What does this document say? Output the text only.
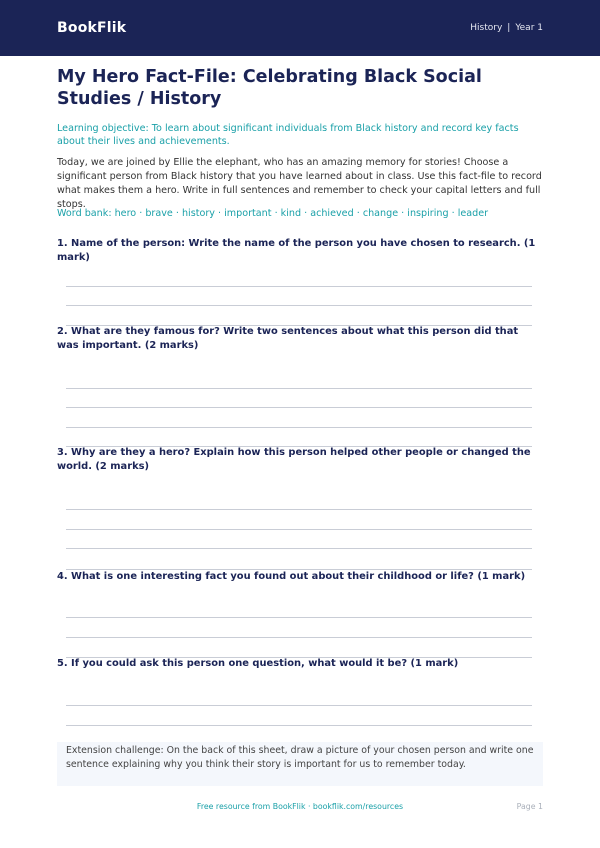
BookFlik	History | Year 1
My Hero Fact-File: Celebrating Black Social Studies / History
Learning objective: To learn about significant individuals from Black history and record key facts about their lives and achievements.
Today, we are joined by Ellie the elephant, who has an amazing memory for stories! Choose a significant person from Black history that you have learned about in class. Use this fact-file to record what makes them a hero. Write in full sentences and remember to check your capital letters and full stops.
Word bank: hero · brave · history · important · kind · achieved · change · inspiring · leader
1. Name of the person: Write the name of the person you have chosen to research. (1 mark)
2. What are they famous for? Write two sentences about what this person did that was important. (2 marks)
3. Why are they a hero? Explain how this person helped other people or changed the world. (2 marks)
4. What is one interesting fact you found out about their childhood or life? (1 mark)
5. If you could ask this person one question, what would it be? (1 mark)
Extension challenge: On the back of this sheet, draw a picture of your chosen person and write one sentence explaining why you think their story is important for us to remember today.
Free resource from BookFlik · bookflik.com/resources	Page 1
